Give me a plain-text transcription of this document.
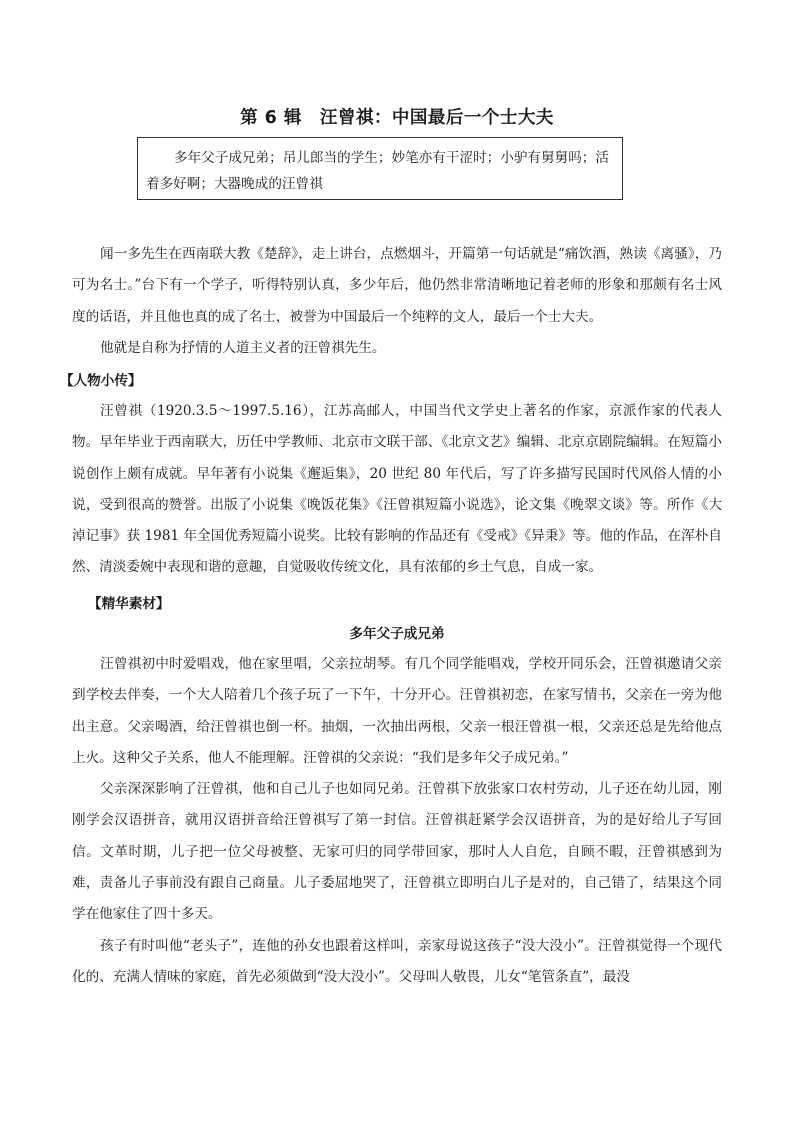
第 6 辑　汪曾祺：中国最后一个士大夫
多年父子成兄弟；吊儿郎当的学生；妙笔亦有干涩时；小驴有舅舅吗；活着多好啊；大器晚成的汪曾祺

闻一多先生在西南联大教《楚辞》，走上讲台，点燃烟斗，开篇第一句话就是“痛饮酒，熟读《离骚》，乃可为名士。”台下有一个学子，听得特别认真，多少年后，他仍然非常清晰地记着老师的形象和那颇有名士风度的话语，并且他也真的成了名士，被誉为中国最后一个纯粹的文人，最后一个士大夫。

他就是自称为抒情的人道主义者的汪曾祺先生。

【人物小传】

汪曾祺（1920.3.5～1997.5.16），江苏高邮人，中国当代文学史上著名的作家，京派作家的代表人物。早年毕业于西南联大，历任中学教师、北京市文联干部、《北京文艺》编辑、北京京剧院编辑。在短篇小说创作上颇有成就。早年著有小说集《邂逅集》，20 世纪 80 年代后，写了许多描写民国时代风俗人情的小说，受到很高的赞誉。出版了小说集《晚饭花集》《汪曾祺短篇小说选》，论文集《晚翠文谈》等。所作《大淖记事》获 1981 年全国优秀短篇小说奖。比较有影响的作品还有《受戒》《异秉》等。他的作品，在浑朴自然、清淡委婉中表现和谐的意趣，自觉吸收传统文化，具有浓郁的乡土气息，自成一家。

【精华素材】
多年父子成兄弟

汪曾祺初中时爱唱戏，他在家里唱，父亲拉胡琴。有几个同学能唱戏，学校开同乐会，汪曾祺邀请父亲到学校去伴奏，一个大人陪着几个孩子玩了一下午，十分开心。汪曾祺初恋，在家写情书，父亲在一旁为他出主意。父亲喝酒，给汪曾祺也倒一杯。抽烟，一次抽出两根，父亲一根汪曾祺一根，父亲还总是先给他点上火。这种父子关系，他人不能理解。汪曾祺的父亲说：“我们是多年父子成兄弟。”

父亲深深影响了汪曾祺，他和自己儿子也如同兄弟。汪曾祺下放张家口农村劳动，儿子还在幼儿园，刚刚学会汉语拼音，就用汉语拼音给汪曾祺写了第一封信。汪曾祺赶紧学会汉语拼音，为的是好给儿子写回信。文革时期，儿子把一位父母被整、无家可归的同学带回家，那时人人自危，自顾不暇，汪曾祺感到为难，责备儿子事前没有跟自己商量。儿子委屈地哭了，汪曾祺立即明白儿子是对的，自己错了，结果这个同学在他家住了四十多天。

孩子有时叫他“老头子”，连他的孙女也跟着这样叫，亲家母说这孩子“没大没小”。汪曾祺觉得一个现代化的、充满人情味的家庭，首先必须做到“没大没小”。父母叫人敬畏，儿女“笔管条直”，最没
